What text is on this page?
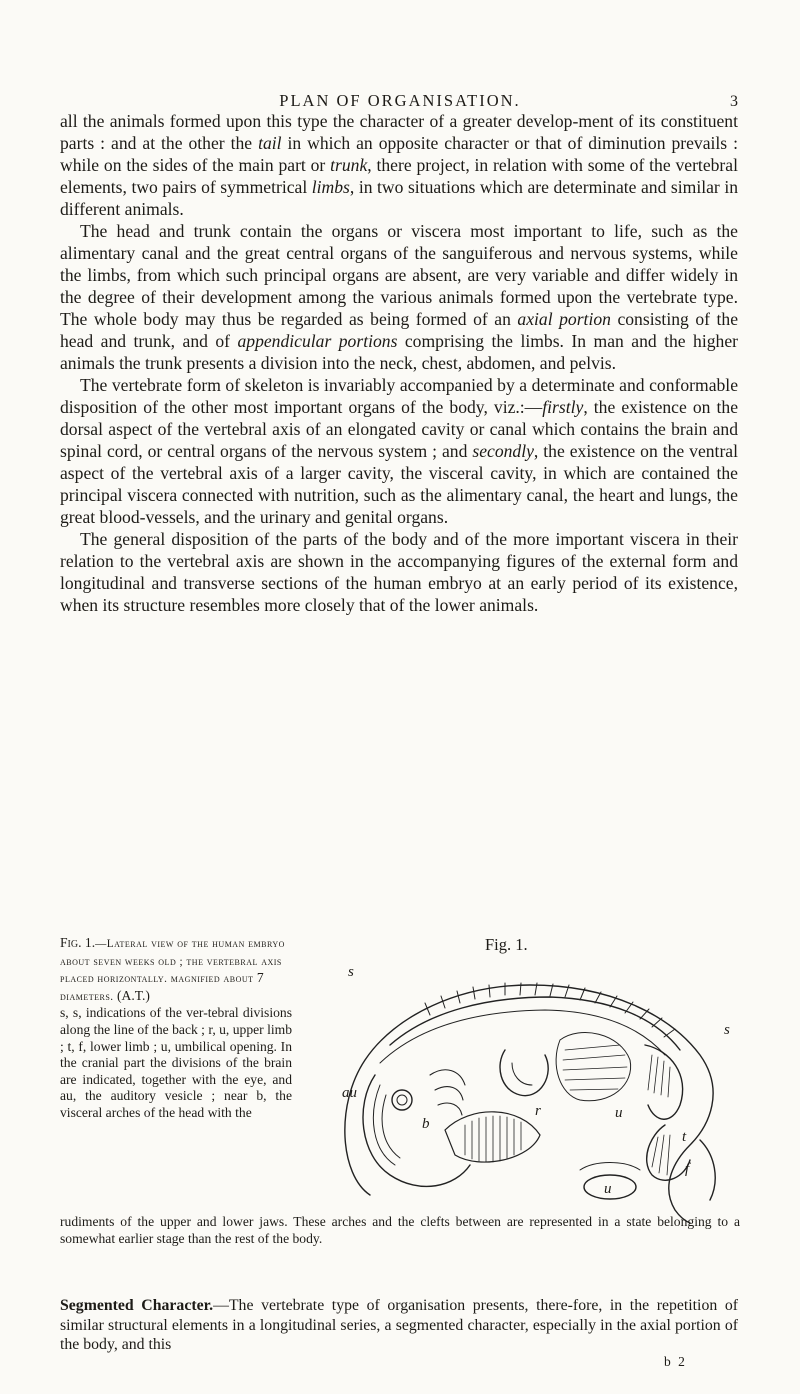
PLAN OF ORGANISATION.	3

all the animals formed upon this type the character of a greater develop-ment of its constituent parts : and at the other the tail in which an opposite character or that of diminution prevails : while on the sides of the main part or trunk, there project, in relation with some of the vertebral elements, two pairs of symmetrical limbs, in two situations which are determinate and similar in different animals.

The head and trunk contain the organs or viscera most important to life, such as the alimentary canal and the great central organs of the sanguiferous and nervous systems, while the limbs, from which such principal organs are absent, are very variable and differ widely in the degree of their development among the various animals formed upon the vertebrate type. The whole body may thus be regarded as being formed of an axial portion consisting of the head and trunk, and of appendicular portions comprising the limbs. In man and the higher animals the trunk presents a division into the neck, chest, abdomen, and pelvis.

The vertebrate form of skeleton is invariably accompanied by a determinate and conformable disposition of the other most important organs of the body, viz.:—firstly, the existence on the dorsal aspect of the vertebral axis of an elongated cavity or canal which contains the brain and spinal cord, or central organs of the nervous system ; and secondly, the existence on the ventral aspect of the vertebral axis of a larger cavity, the visceral cavity, in which are contained the principal viscera connected with nutrition, such as the alimentary canal, the heart and lungs, the great blood-vessels, and the urinary and genital organs.

The general disposition of the parts of the body and of the more important viscera in their relation to the vertebral axis are shown in the accompanying figures of the external form and longitudinal and transverse sections of the human embryo at an early period of its existence, when its structure resembles more closely that of the lower animals.

Fig. 1.—Lateral view of the human embryo about seven weeks old ; the vertebral axis placed horizontally. magnified about 7 diameters. (A.T.)
s, s, indications of the ver-tebral divisions along the line of the back ; r, u, upper limb ; t, f, lower limb ; u, umbilical opening. In the cranial part the divisions of the brain are indicated, together with the eye, and au, the auditory vesicle ; near b, the visceral arches of the head with the
Fig. 1.
s
s
au
b
r	u
t
f
u
rudiments of the upper and lower jaws. These arches and the clefts between are represented in a state belonging to a somewhat earlier stage than the rest of the body.
Segmented Character.—The vertebrate type of organisation presents, there-fore, in the repetition of similar structural elements in a longitudinal series, a segmented character, especially in the axial portion of the body, and this
b 2
